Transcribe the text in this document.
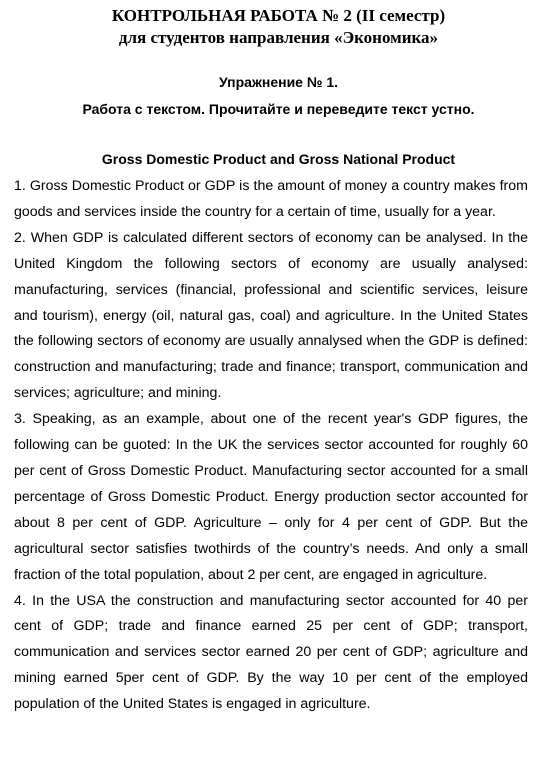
КОНТРОЛЬНАЯ РАБОТА № 2 (II семестр)
для студентов направления «Экономика»
Упражнение № 1.
Работа с текстом. Прочитайте и переведите текст устно.
Gross Domestic Product and Gross National Product

1. Gross Domestic Product or GDP is the amount of money a country makes from goods and services inside the country for a certain of time, usually for a year.

2. When GDP is calculated different sectors of economy can be analysed. In the United Kingdom the following sectors of economy are usually analysed: manufacturing, services (financial, professional and scientific services, leisure and tourism), energy (oil, natural gas, coal) and agriculture. In the United States the following sectors of economy are usually annalysed when the GDP is defined: construction and manufacturing; trade and finance; transport, communication and services; agriculture; and mining.

3. Speaking, as an example, about one of the recent year's GDP figures, the following can be guoted: In the UK the services sector accounted for roughly 60 per cent of Gross Domestic Product. Manufacturing sector accounted for a small percentage of Gross Domestic Product. Energy production sector accounted for about 8 per cent of GDP. Agriculture – only for 4 per cent of GDP. But the agricultural sector satisfies twothirds of the country’s needs. And only a small fraction of the total population, about 2 per cent, are engaged in agriculture.

4. In the USA the construction and manufacturing sector accounted for 40 per cent of GDP; trade and finance earned 25 per cent of GDP; transport, communication and services sector earned 20 per cent of GDP; agriculture and mining earned 5per cent of GDP. By the way 10 per cent of the employed population of the United States is engaged in agriculture.
